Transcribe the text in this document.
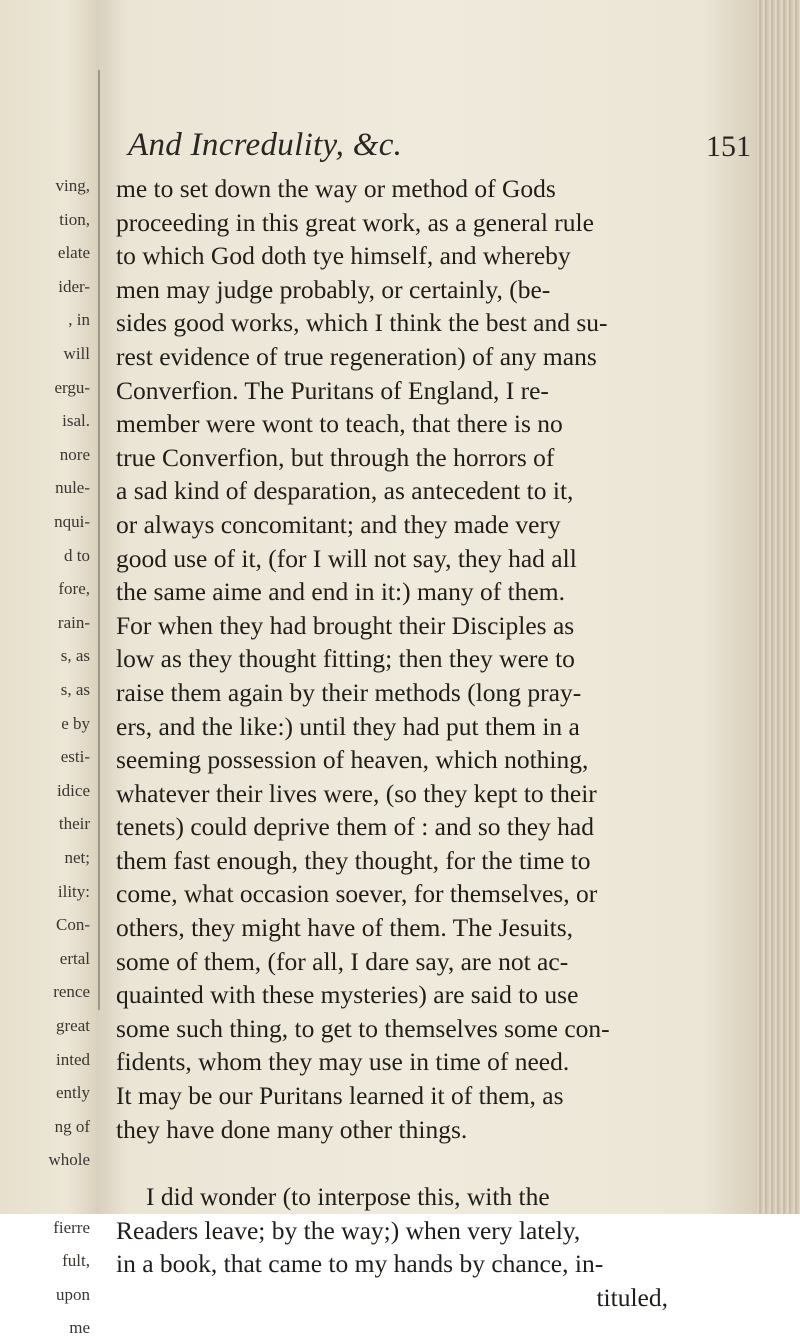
ving,
tion,
elate
ider-
, in
will
ergu-
isal.
nore
nule-
nqui-
d to
fore,
rain-
s, as
s, as
e by
esti-
idice
their
net;
ility:
Con-
ertal
rence
great
inted
ently
ng of
whole
fierre
fult,
upon
me
And Incredulity, &c.	151
me to set down the way or method of Gods
proceeding in this great work, as a general rule
to which God doth tye himself, and whereby
men may judge probably, or certainly, (be-
sides good works, which I think the best and su-
rest evidence of true regeneration) of any mans
Converfion. The Puritans of England, I re-
member were wont to teach, that there is no
true Converfion, but through the horrors of
a sad kind of desparation, as antecedent to it,
or always concomitant; and they made very
good use of it, (for I will not say, they had all
the same aime and end in it:) many of them.
For when they had brought their Disciples as
low as they thought fitting; then they were to
raise them again by their methods (long pray-
ers, and the like:) until they had put them in a
seeming possession of heaven, which nothing,
whatever their lives were, (so they kept to their
tenets) could deprive them of : and so they had
them fast enough, they thought, for the time to
come, what occasion soever, for themselves, or
others, they might have of them. The Jesuits,
some of them, (for all, I dare say, are not ac-
quainted with these mysteries) are said to use
some such thing, to get to themselves some con-
fidents, whom they may use in time of need.
It may be our Puritans learned it of them, as
they have done many other things.
I did wonder (to interpose this, with the
Readers leave; by the way;) when very lately,
in a book, that came to my hands by chance, in-
tituled,
